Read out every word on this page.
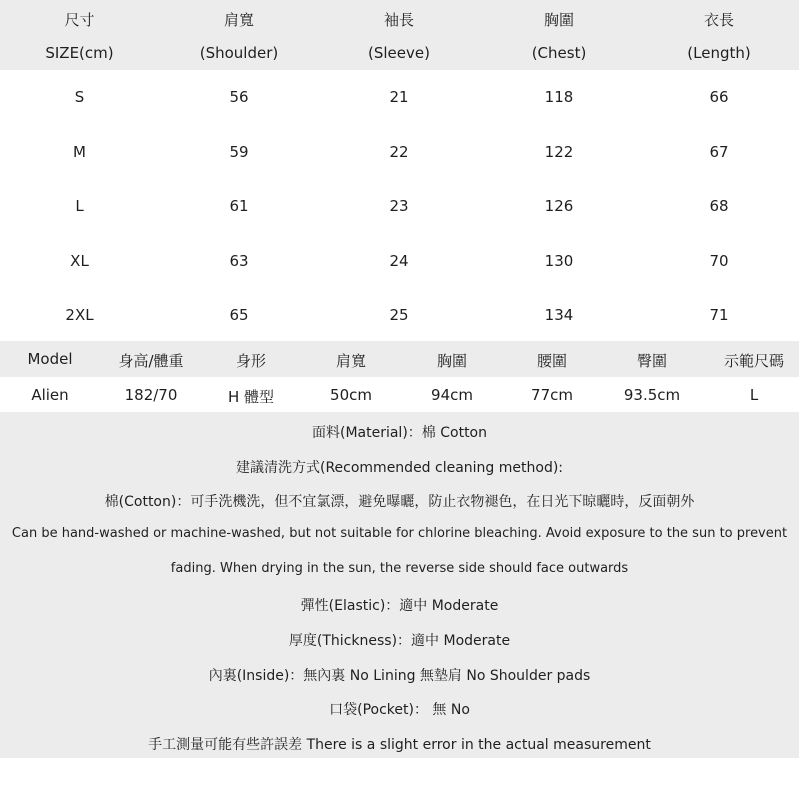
尺寸	肩寬	袖長	胸圍	衣長
SIZE(cm)	(Shoulder)	(Sleeve)	(Chest)	(Length)
S	56	21	118	66
M	59	22	122	67
L	61	23	126	68
XL	63	24	130	70
2XL	65	25	134	71
Model	身高/體重	身形	肩寬	胸圍	腰圍	臀圍	示範尺碼
Alien	182/70	H 體型	50cm	94cm	77cm	93.5cm	L
面料(Material)：棉 Cotton
建議清洗方式(Recommended cleaning method):
棉(Cotton)：可手洗機洗，但不宜氯漂，避免曝曬，防止衣物褪色，在日光下晾曬時，反面朝外
Can be hand-washed or machine-washed, but not suitable for chlorine bleaching. Avoid exposure to the sun to prevent
fading. When drying in the sun, the reverse side should face outwards
彈性(Elastic)：適中 Moderate
厚度(Thickness)：適中 Moderate
內裏(Inside)：無內裏 No Lining 無墊肩 No Shoulder pads
口袋(Pocket)： 無 No
手工測量可能有些許誤差 There is a slight error in the actual measurement
